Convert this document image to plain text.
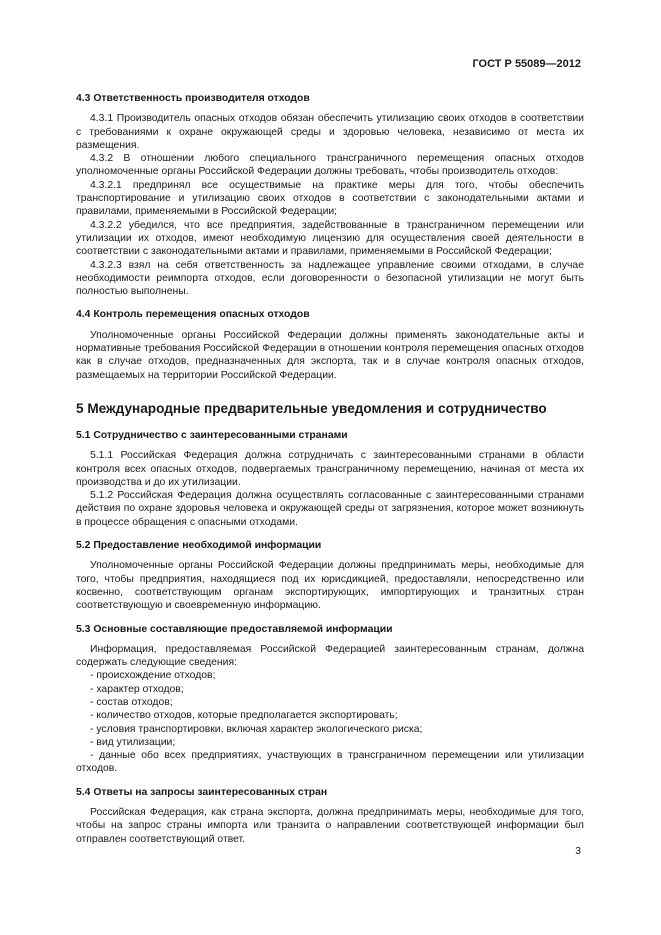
ГОСТ Р 55089—2012
4.3 Ответственность производителя отходов

4.3.1 Производитель опасных отходов обязан обеспечить утилизацию своих отходов в соответствии с требованиями к охране окружающей среды и здоровью человека, независимо от места их размещения.

4.3.2 В отношении любого специального трансграничного перемещения опасных отходов уполномоченные органы Российской Федерации должны требовать, чтобы производитель отходов:

4.3.2.1 предпринял все осуществимые на практике меры для того, чтобы обеспечить транспортирование и утилизацию своих отходов в соответствии с законодательными актами и правилами, применяемыми в Российской Федерации;

4.3.2.2 убедился, что все предприятия, задействованные в трансграничном перемещении или утилизации их отходов, имеют необходимую лицензию для осуществления своей деятельности в соответствии с законодательными актами и правилами, применяемыми в Российской Федерации;

4.3.2.3 взял на себя ответственность за надлежащее управление своими отходами, в случае необходимости реимпорта отходов, если договоренности о безопасной утилизации не могут быть полностью выполнены.

4.4 Контроль перемещения опасных отходов

Уполномоченные органы Российской Федерации должны применять законодательные акты и нормативные требования Российской Федерации в отношении контроля перемещения опасных отходов как в случае отходов, предназначенных для экспорта, так и в случае контроля опасных отходов, размещаемых на территории Российской Федерации.

5 Международные предварительные уведомления и сотрудничество
5.1 Сотрудничество с заинтересованными странами

5.1.1 Российская Федерация должна сотрудничать с заинтересованными странами в области контроля всех опасных отходов, подвергаемых трансграничному перемещению, начиная от места их производства и до их утилизации.

5.1.2 Российская Федерация должна осуществлять согласованные с заинтересованными странами действия по охране здоровья человека и окружающей среды от загрязнения, которое может возникнуть в процессе обращения с опасными отходами.

5.2 Предоставление необходимой информации

Уполномоченные органы Российской Федерации должны предпринимать меры, необходимые для того, чтобы предприятия, находящиеся под их юрисдикцией, предоставляли, непосредственно или косвенно, соответствующим органам экспортирующих, импортирующих и транзитных стран соответствующую и своевременную информацию.

5.3 Основные составляющие предоставляемой информации

Информация, предоставляемая Российской Федерацией заинтересованным странам, должна содержать следующие сведения:

- происхождение отходов;

- характер отходов;

- состав отходов;

- количество отходов, которые предполагается экспортировать;

- условия транспортировки, включая характер экологического риска;

- вид утилизации;

- данные обо всех предприятиях, участвующих в трансграничном перемещении или утилизации отходов.

5.4 Ответы на запросы заинтересованных стран

Российская Федерация, как страна экспорта, должна предпринимать меры, необходимые для того, чтобы на запрос страны импорта или транзита о направлении соответствующей информации был отправлен соответствующий ответ.

3
